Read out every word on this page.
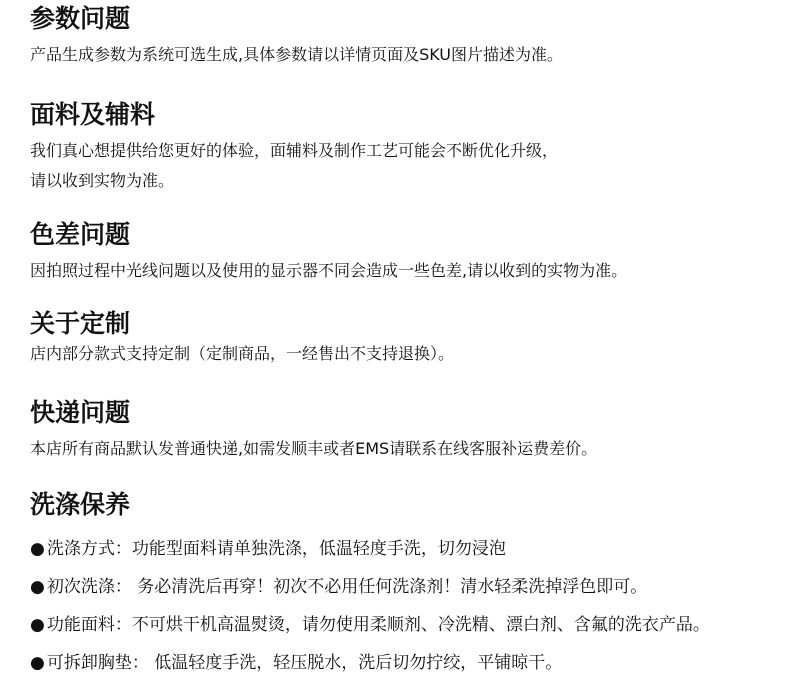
参数问题
产品生成参数为系统可选生成,具体参数请以详情页面及SKU图片描述为准。
面料及辅料
我们真心想提供给您更好的体验，面辅料及制作工艺可能会不断优化升级，
请以收到实物为准。
色差问题
因拍照过程中光线问题以及使用的显示器不同会造成一些色差,请以收到的实物为准。
关于定制
店内部分款式支持定制（定制商品，一经售出不支持退换）。
快递问题
本店所有商品默认发普通快递,如需发顺丰或者EMS请联系在线客服补运费差价。
洗涤保养
● 洗涤方式：功能型面料请单独洗涤，低温轻度手洗，切勿浸泡
● 初次洗涤： 务必清洗后再穿！初次不必用任何洗涤剂！清水轻柔洗掉浮色即可。
● 功能面料：不可烘干机高温熨烫，请勿使用柔顺剂、冷洗精、漂白剂、含氟的洗衣产品。
● 可拆卸胸垫： 低温轻度手洗，轻压脱水，洗后切勿拧绞，平铺晾干。
